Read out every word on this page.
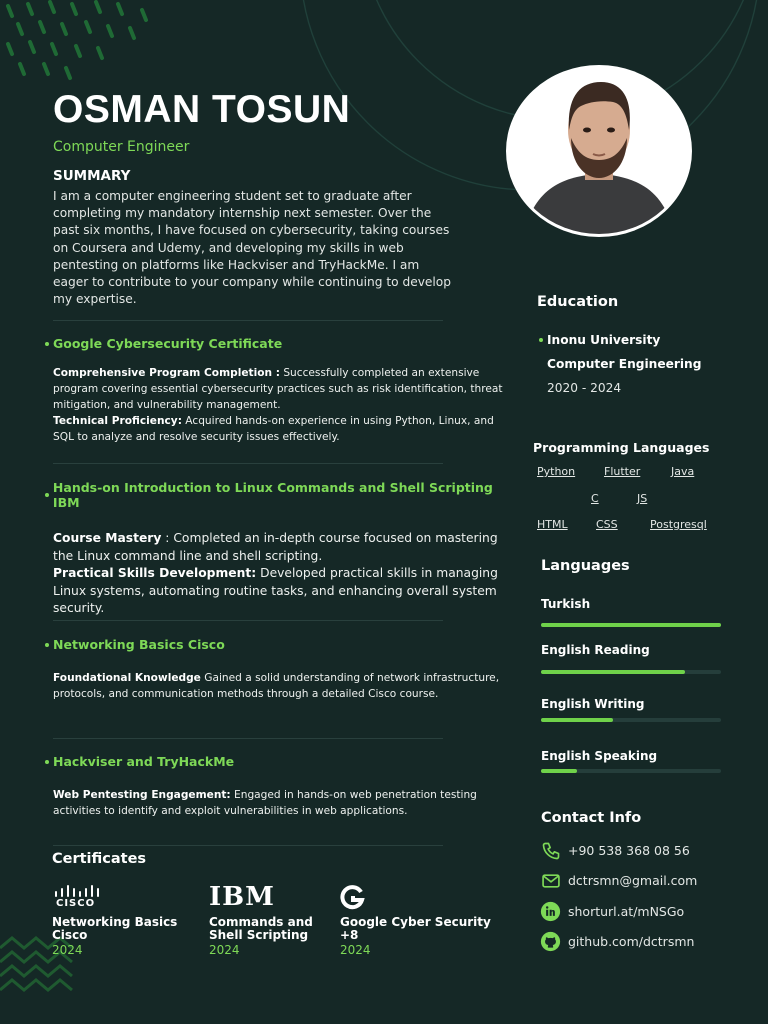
OSMAN TOSUN
Computer Engineer
SUMMARY
I am a computer engineering student set to graduate after completing my mandatory internship next semester. Over the past six months, I have focused on cybersecurity, taking courses on Coursera and Udemy, and developing my skills in web pentesting on platforms like Hackviser and TryHackMe. I am eager to contribute to your company while continuing to develop my expertise.
Google Cybersecurity Certificate
Comprehensive Program Completion : Successfully completed an extensive program covering essential cybersecurity practices such as risk identification, threat mitigation, and vulnerability management.
Technical Proficiency: Acquired hands-on experience in using Python, Linux, and SQL to analyze and resolve security issues effectively.
Hands-on Introduction to Linux Commands and Shell Scripting IBM
Course Mastery : Completed an in-depth course focused on mastering the Linux command line and shell scripting.
Practical Skills Development: Developed practical skills in managing Linux systems, automating routine tasks, and enhancing overall system security.
Networking Basics Cisco
Foundational Knowledge Gained a solid understanding of network infrastructure, protocols, and communication methods through a detailed Cisco course.
Hackviser and TryHackMe
Web Pentesting Engagement: Engaged in hands-on web penetration testing activities to identify and exploit vulnerabilities in web applications.
Certificates
CISCO
Networking Basics Cisco
2024
IBM
Commands and Shell Scripting
2024
Google Cyber Security +8
2024
Education
Inonu University
Computer Engineering
2020 - 2024
Programming Languages
Python	Flutter	Java
C	JS
HTML	CSS	Postgresql
Languages
Turkish
English Reading
English Writing
English Speaking
Contact Info
+90 538 368 08 56
dctrsmn@gmail.com
shorturl.at/mNSGo
github.com/dctrsmn
